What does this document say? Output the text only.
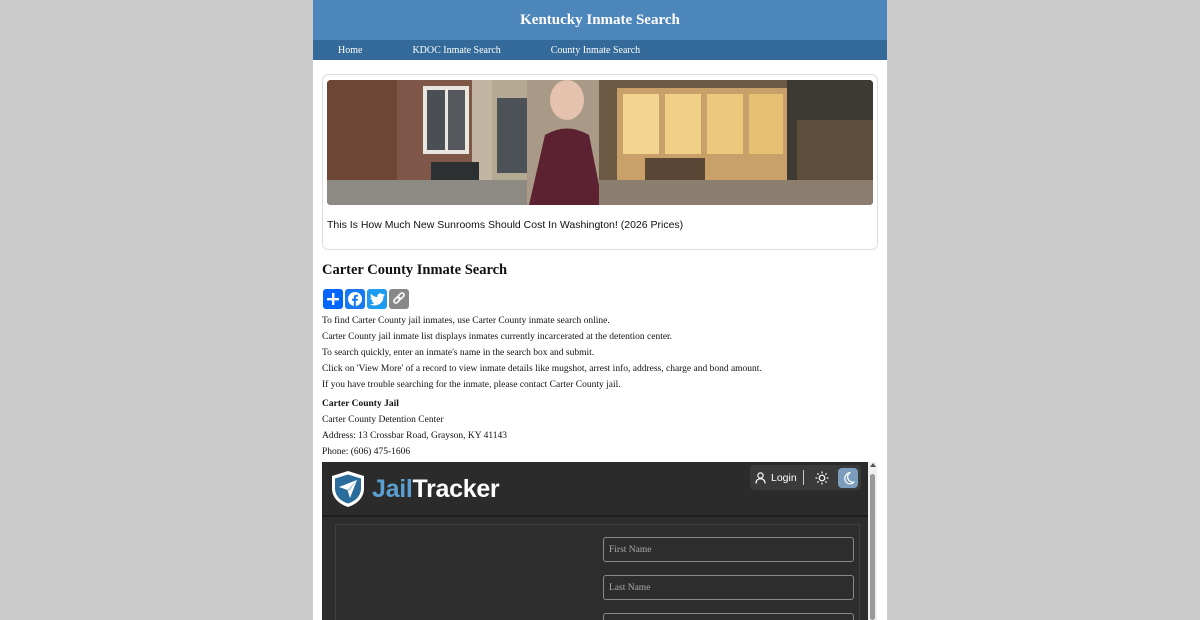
Kentucky Inmate Search
Home	KDOC Inmate Search	County Inmate Search
This Is How Much New Sunrooms Should Cost In Washington! (2026 Prices)
Carter County Inmate Search
To find Carter County jail inmates, use Carter County inmate search online.
Carter County jail inmate list displays inmates currently incarcerated at the detention center.
To search quickly, enter an inmate's name in the search box and submit.
Click on 'View More' of a record to view inmate details like mugshot, arrest info, address, charge and bond amount.
If you have trouble searching for the inmate, please contact Carter County jail.
Carter County Jail
Carter County Detention Center
Address: 13 Crossbar Road, Grayson, KY 41143
Phone: (606) 475-1606
JailTracker	Login
First Name
Last Name
